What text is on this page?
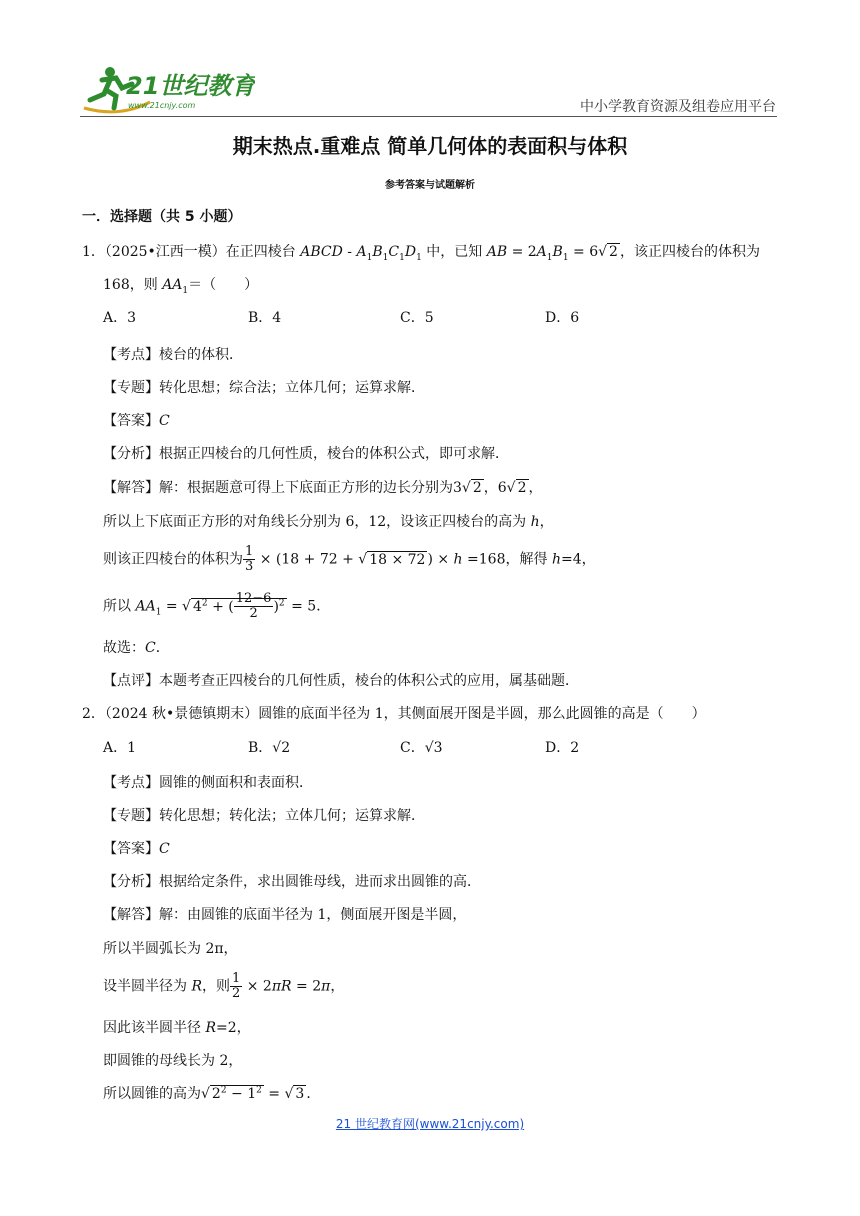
21世纪教育
www.21cnjy.com	中小学教育资源及组卷应用平台
期末热点.重难点 简单几何体的表面积与体积
参考答案与试题解析
一．选择题（共 5 小题）
1．（2025•江西一模）在正四棱台 ABCD - $A_1B_1C_1D_1$ 中，已知 AB = $2A_1B_1 = 6√$ 2 ，该正四棱台的体积为
168，则 $AA_1=$（　　）
A．3	B．4	C．5	D．6
【考点】棱台的体积．
【专题】转化思想；综合法；立体几何；运算求解．
【答案】C
【分析】根据正四棱台的几何性质，棱台的体积公式，即可求解．
【解答】解：根据题意可得上下底面正方形的边长分别为3√ 2 ，6√ 2 ，
所以上下底面正方形的对角线长分别为 6，12，设该正四棱台的高为 h，
则该正四棱台的体积为 $\frac{1}{3} \times (18 + 72$ + √ 18 × 72 ) × h =168，解得 h=4，
所以 $AA_1$ = √ $4^2$ + ( $\frac{12-6}{2} )^2 = 5$．
故选：C．
【点评】本题考查正四棱台的几何性质，棱台的体积公式的应用，属基础题．
2．（2024 秋•景德镇期末）圆锥的底面半径为 1，其侧面展开图是半圆，那么此圆锥的高是（　　）
A．1	B．√2	C．√3	D．2
【考点】圆锥的侧面积和表面积．
【专题】转化思想；转化法；立体几何；运算求解．
【答案】C
【分析】根据给定条件，求出圆锥母线，进而求出圆锥的高．
【解答】解：由圆锥的底面半径为 1，侧面展开图是半圆，
所以半圆弧长为 2π，
设半圆半径为 R，则 $\frac{1}{2} \times 2\pi R = 2\pi$，
因此该半圆半径 R=2，
即圆锥的母线长为 2，
所以圆锥的高为√ $2^2 - 1^2$ = √ 3 ．
21 世纪教育网(www.21cnjy.com)
